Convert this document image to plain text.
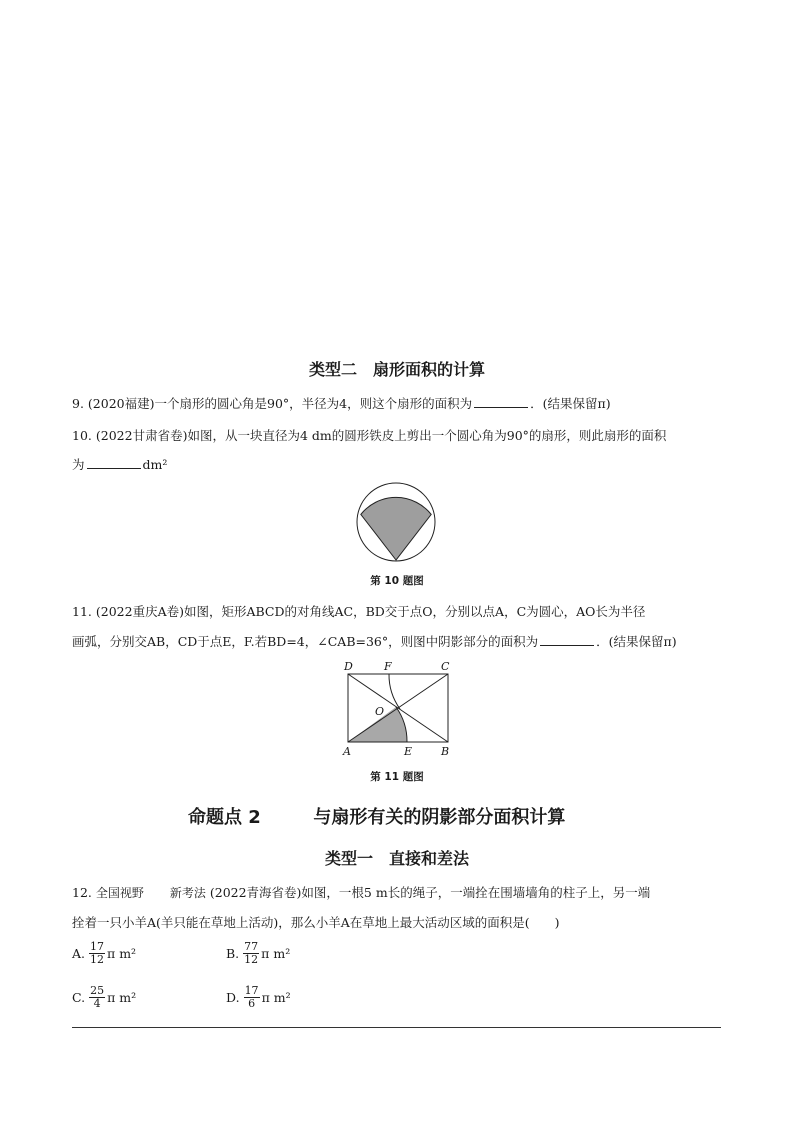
类型二　扇形面积的计算
9. (2020福建)一个扇形的圆心角是90°，半径为4，则这个扇形的面积为	．(结果保留π)
10. (2022甘肃省卷)如图，从一块直径为4 dm的圆形铁皮上剪出一个圆心角为90°的扇形，则此扇形的面积
为	dm²
第 10 题图
11. (2022重庆A卷)如图，矩形ABCD的对角线AC，BD交于点O，分别以点A，C为圆心，AO长为半径
画弧，分别交AB，CD于点E，F.若BD=4，∠CAB=36°，则图中阴影部分的面积为	．(结果保留π)
D	F	C
O
A	E	B
第 11 题图
命题点 2	与扇形有关的阴影部分面积计算
类型一　直接和差法
12. 全国视野 新考法 (2022青海省卷)如图，一根5 m长的绳子，一端拴在围墙墙角的柱子上，另一端
拴着一只小羊A(羊只能在草地上活动)，那么小羊A在草地上最大活动区域的面积是(　　)
A. $\frac{17}{12}$ π m²	B. $\frac{77}{12}$ π m²
C. $\frac{25}{4}$ π m²	D. $\frac{17}{6}$ π m²
